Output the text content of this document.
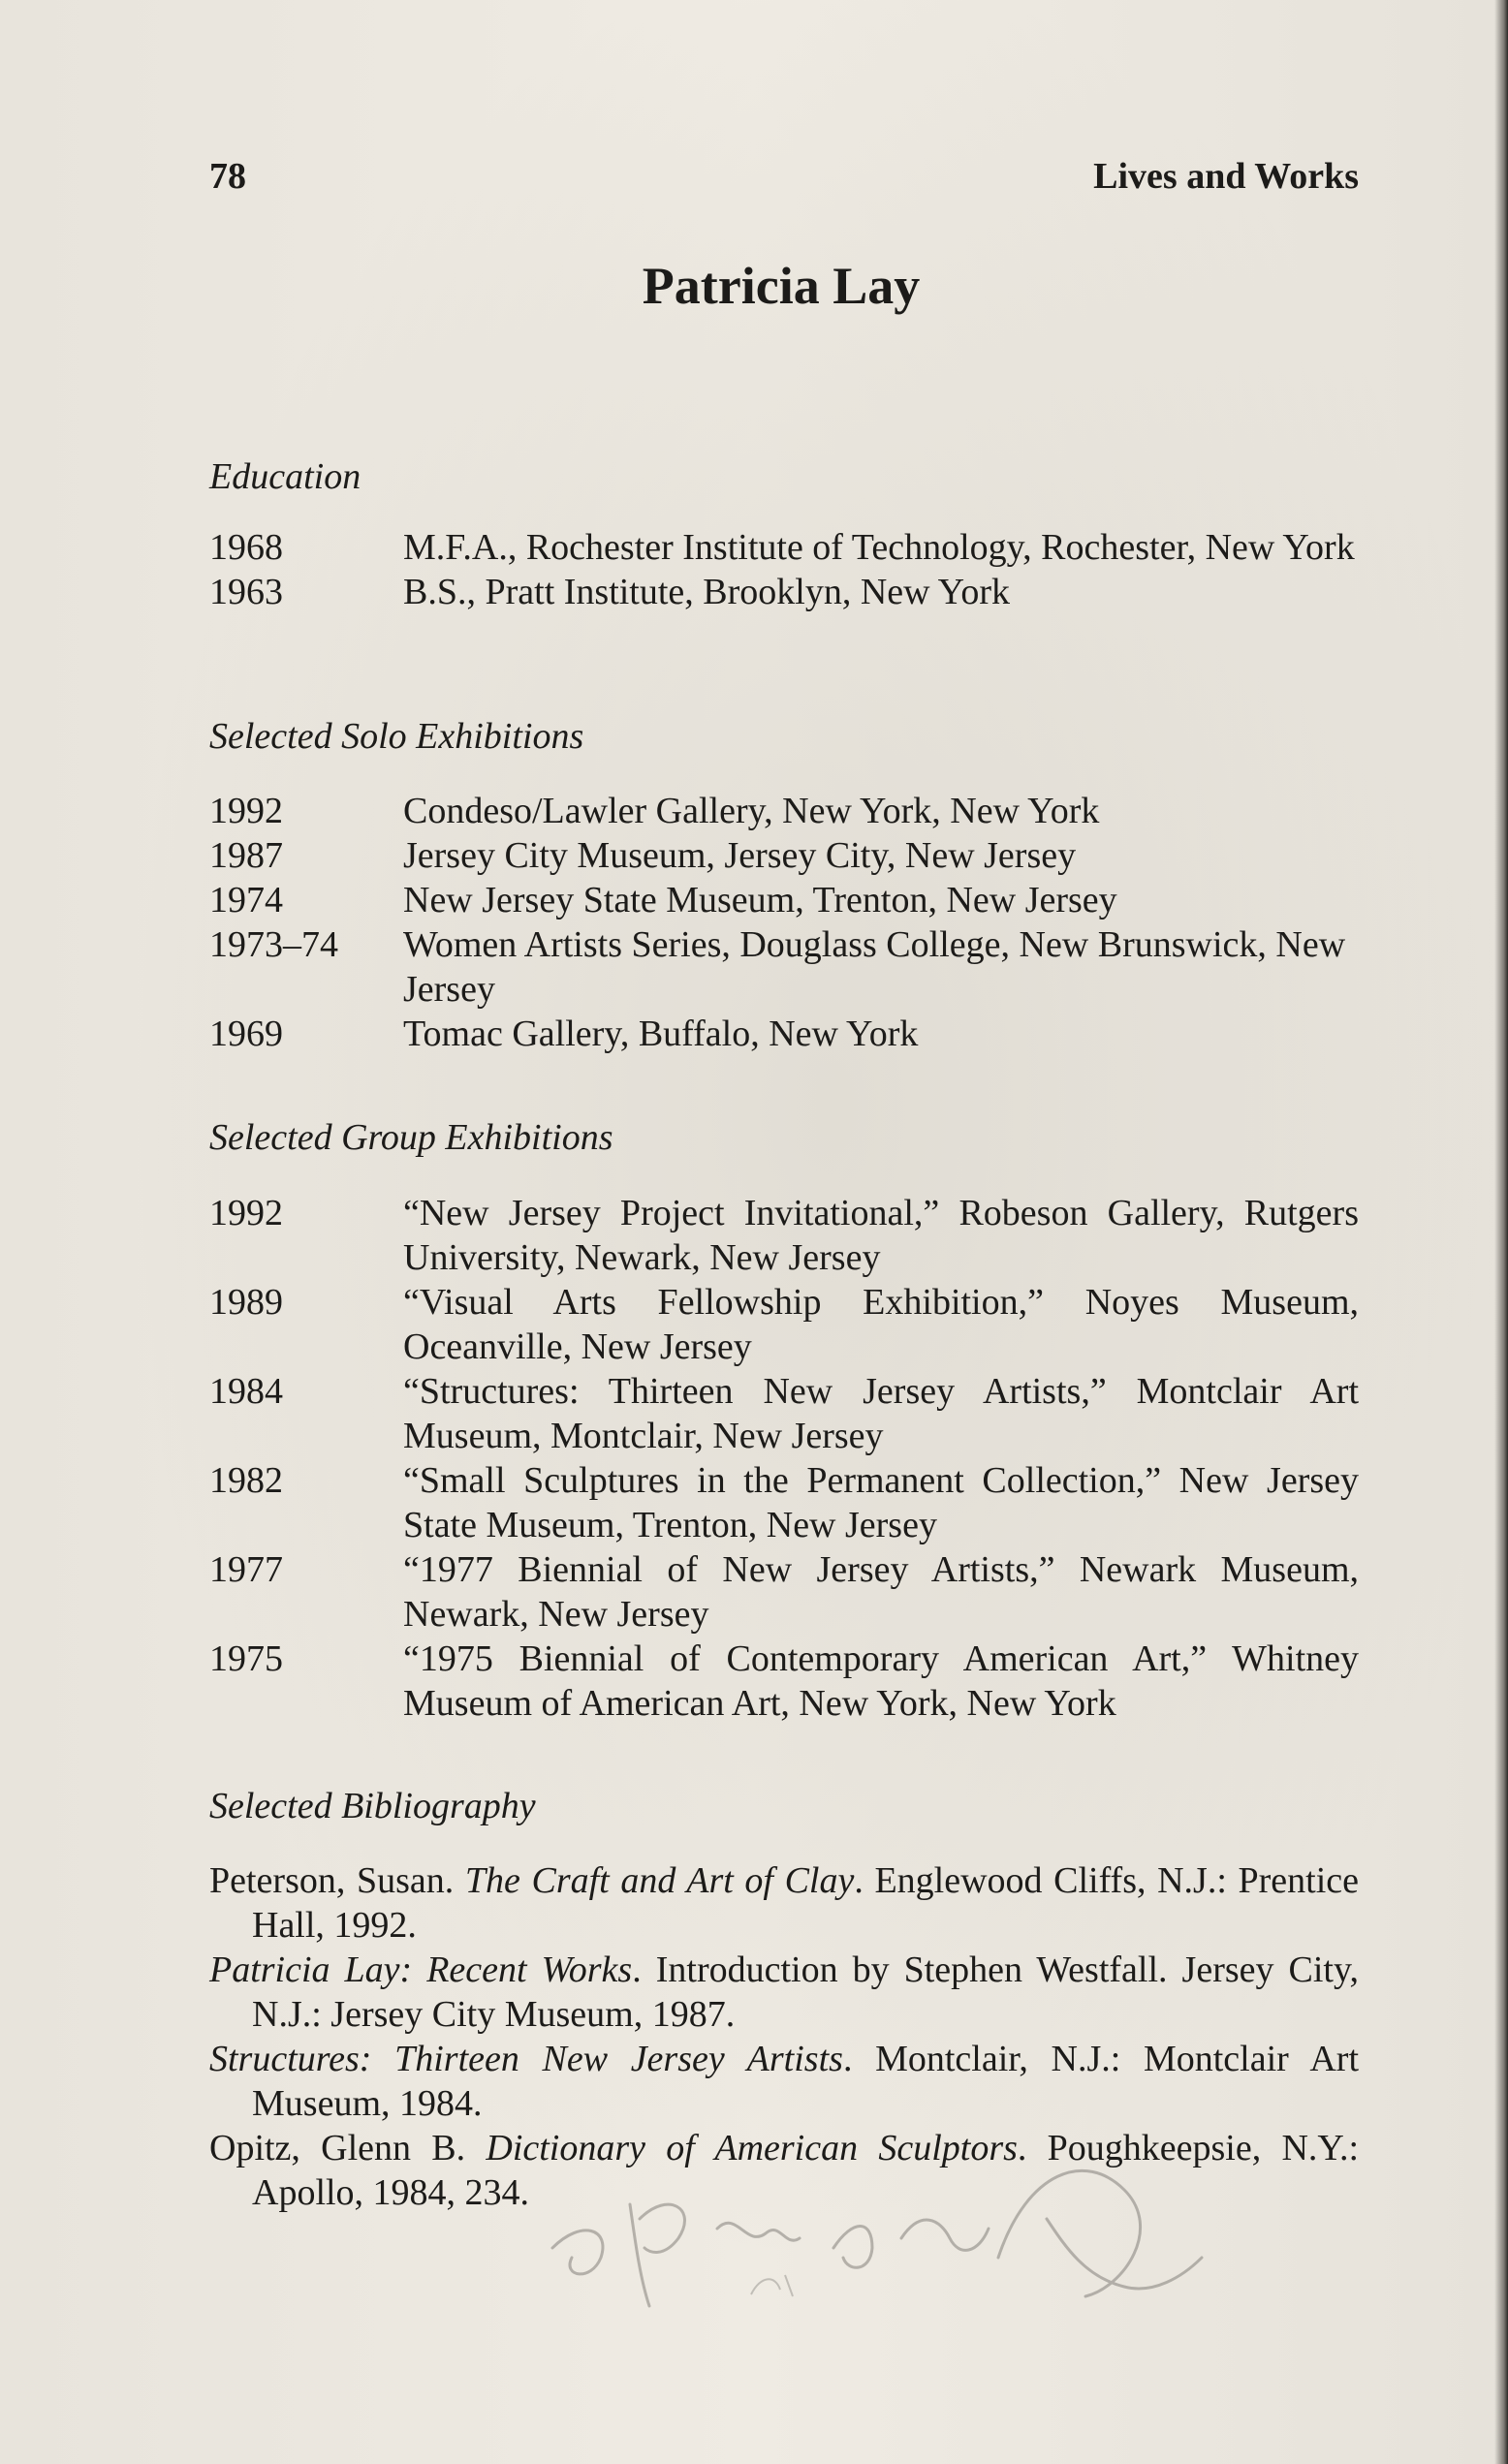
78	Lives and Works
Patricia Lay
Education
1968	M.F.A., Rochester Institute of Technology, Rochester, New York
1963	B.S., Pratt Institute, Brooklyn, New York
Selected Solo Exhibitions
1992	Condeso/Lawler Gallery, New York, New York
1987	Jersey City Museum, Jersey City, New Jersey
1974	New Jersey State Museum, Trenton, New Jersey
1973–74	Women Artists Series, Douglass College, New Brunswick, New Jersey
1969	Tomac Gallery, Buffalo, New York
Selected Group Exhibitions
1992	“New Jersey Project Invitational,” Robeson Gallery, Rutgers University, Newark, New Jersey
1989	“Visual Arts Fellowship Exhibition,” Noyes Museum, Oceanville, New Jersey
1984	“Structures: Thirteen New Jersey Artists,” Montclair Art Museum, Montclair, New Jersey
1982	“Small Sculptures in the Permanent Collection,” New Jersey State Museum, Trenton, New Jersey
1977	“1977 Biennial of New Jersey Artists,” Newark Museum, Newark, New Jersey
1975	“1975 Biennial of Contemporary American Art,” Whitney Museum of American Art, New York, New York
Selected Bibliography
Peterson, Susan. The Craft and Art of Clay. Englewood Cliffs, N.J.: Prentice Hall, 1992.
Patricia Lay: Recent Works. Introduction by Stephen Westfall. Jersey City, N.J.: Jersey City Museum, 1987.
Structures: Thirteen New Jersey Artists. Montclair, N.J.: Montclair Art Museum, 1984.
Opitz, Glenn B. Dictionary of American Sculptors. Poughkeepsie, N.Y.: Apollo, 1984, 234.
